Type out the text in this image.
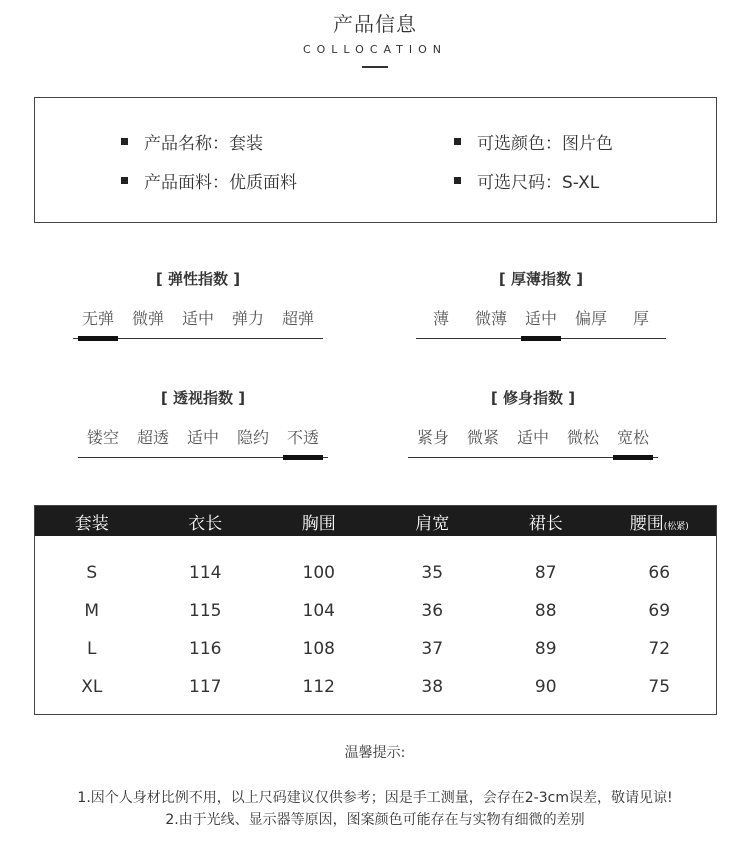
产品信息
COLLOCATION
产品名称：套装
产品面料：优质面料
可选颜色：图片色
可选尺码：S-XL
[ 弹性指数 ]
无弹	微弹	适中	弹力	超弹
[ 厚薄指数 ]
薄	微薄	适中	偏厚	厚
[ 透视指数 ]
镂空	超透	适中	隐约	不透
[ 修身指数 ]
紧身	微紧	适中	微松	宽松
套装	衣长	胸围	肩宽	裙长	腰围(松紧)
S	114	100	35	87	66
M	115	104	36	88	69
L	116	108	37	89	72
XL	117	112	38	90	75
温馨提示:
1.因个人身材比例不用，以上尺码建议仅供参考；因是手工测量，会存在2-3cm误差，敬请见谅!
2.由于光线、显示器等原因，图案颜色可能存在与实物有细微的差别
